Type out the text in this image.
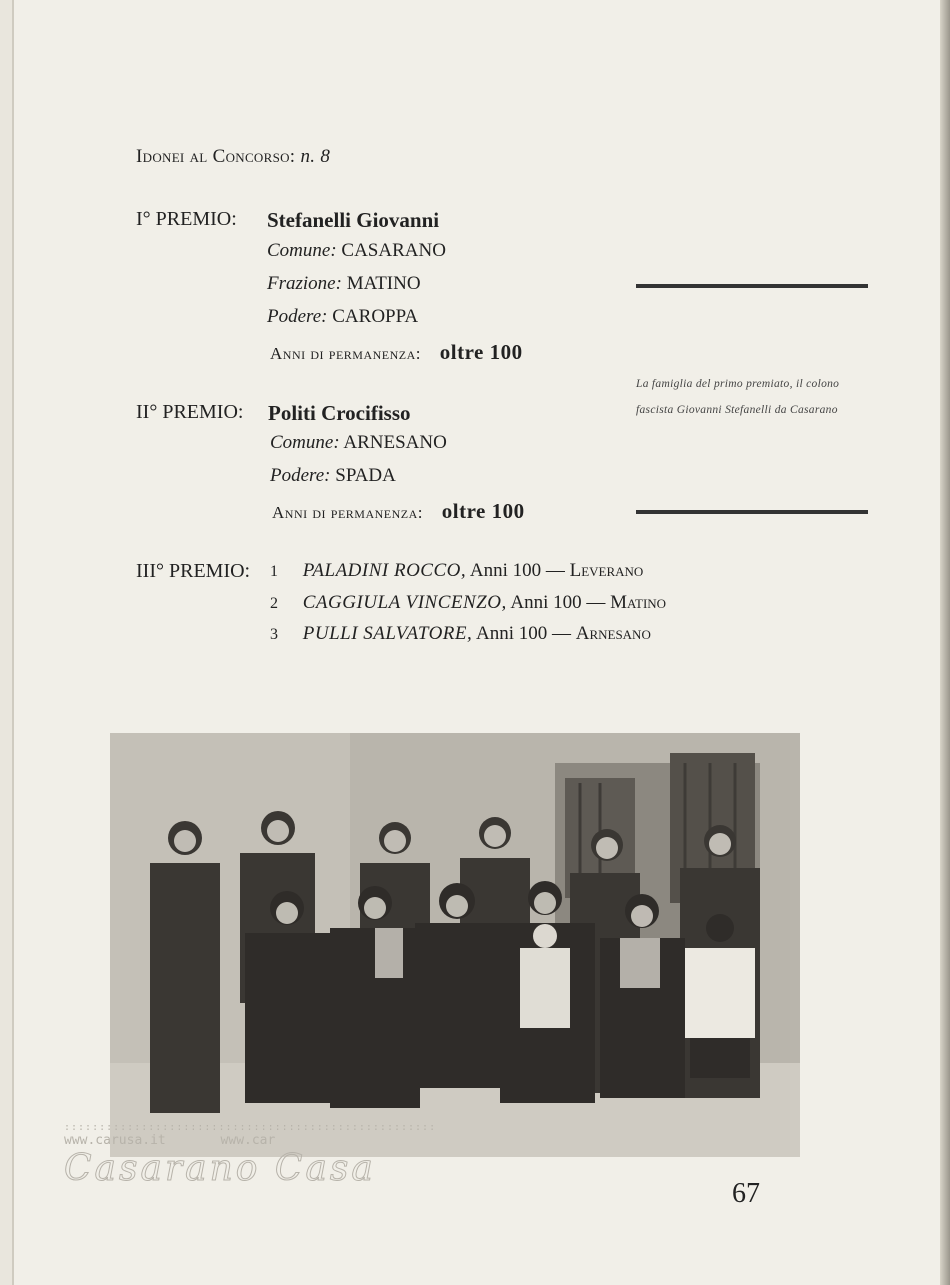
Idonei al Concorso: n. 8
I° PREMIO: Stefanelli Giovanni
Comune: CASARANO
Frazione: MATINO
Podere: CAROPPA
Anni di permanenza: oltre 100
II° PREMIO: Politi Crocifisso
Comune: ARNESANO
Podere: SPADA
Anni di permanenza: oltre 100
La famiglia del primo premiato, il colono
fascista Giovanni Stefanelli da Casarano
III° PREMIO: 1 PALADINI ROCCO, Anni 100 — Leverano
2 CAGGIULA VINCENZO, Anni 100 — Matino
3 PULLI SALVATORE, Anni 100 — Arnesano
:::::::::::::::::::::::::::::::::::::::::::::::::::::
www.carusa.it	www.car
Casarano Casa
67
